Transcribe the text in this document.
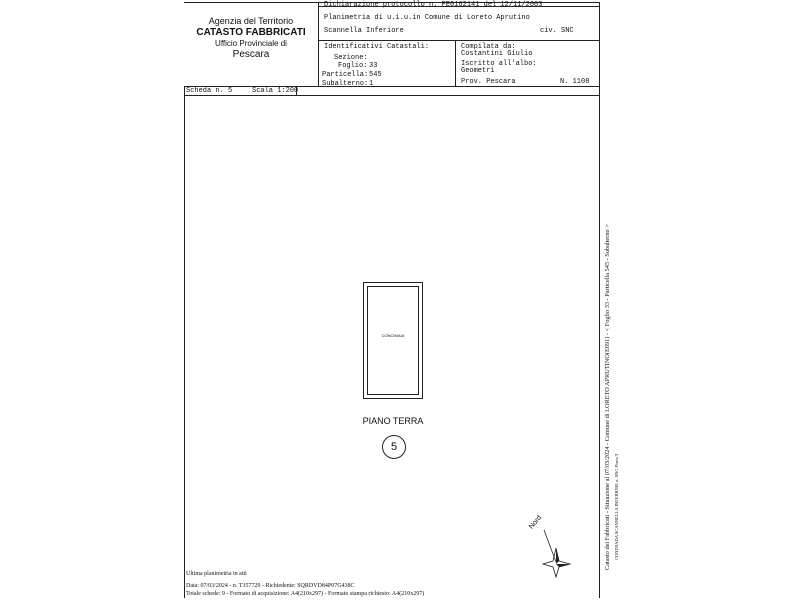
Agenzia del Territorio
CATASTO FABBRICATI
Ufficio Provinciale di
Pescara
Dichiarazione protocollo n. PE0162141 del 12/11/2003
Planimetria di u.i.u.in Comune di Loreto Aprutino
Scannella Inferiore	civ. SNC
Identificativi Catastali:
Sezione:
Foglio: 33
Particella: 545
Subalterno: 1
Compilata da:
Costantini Giulio
Iscritto all'albo:
Geometri
Prov. Pescara	N. 1108
Scheda n. 5	Scala 1:200
CONCIMAIA
PIANO TERRA
5
Nord
Ultima planimetria in atti
Data: 07/03/2024 - n. T357729 - Richiedente: SQRDVD84P07G438C
Totale schede: 9 - Formato di acquisizione: A4(210x297) - Formato stampa richiesto: A4(210x297)
Catasto dei Fabbricati - Situazione al 07/03/2024 - Comune di LORETO APRUTINO(E691) - < Foglio 33 - Particella 545 - Subalterno > CONTRADA SCANNELLA INFERIORE n. SNC Piano T
